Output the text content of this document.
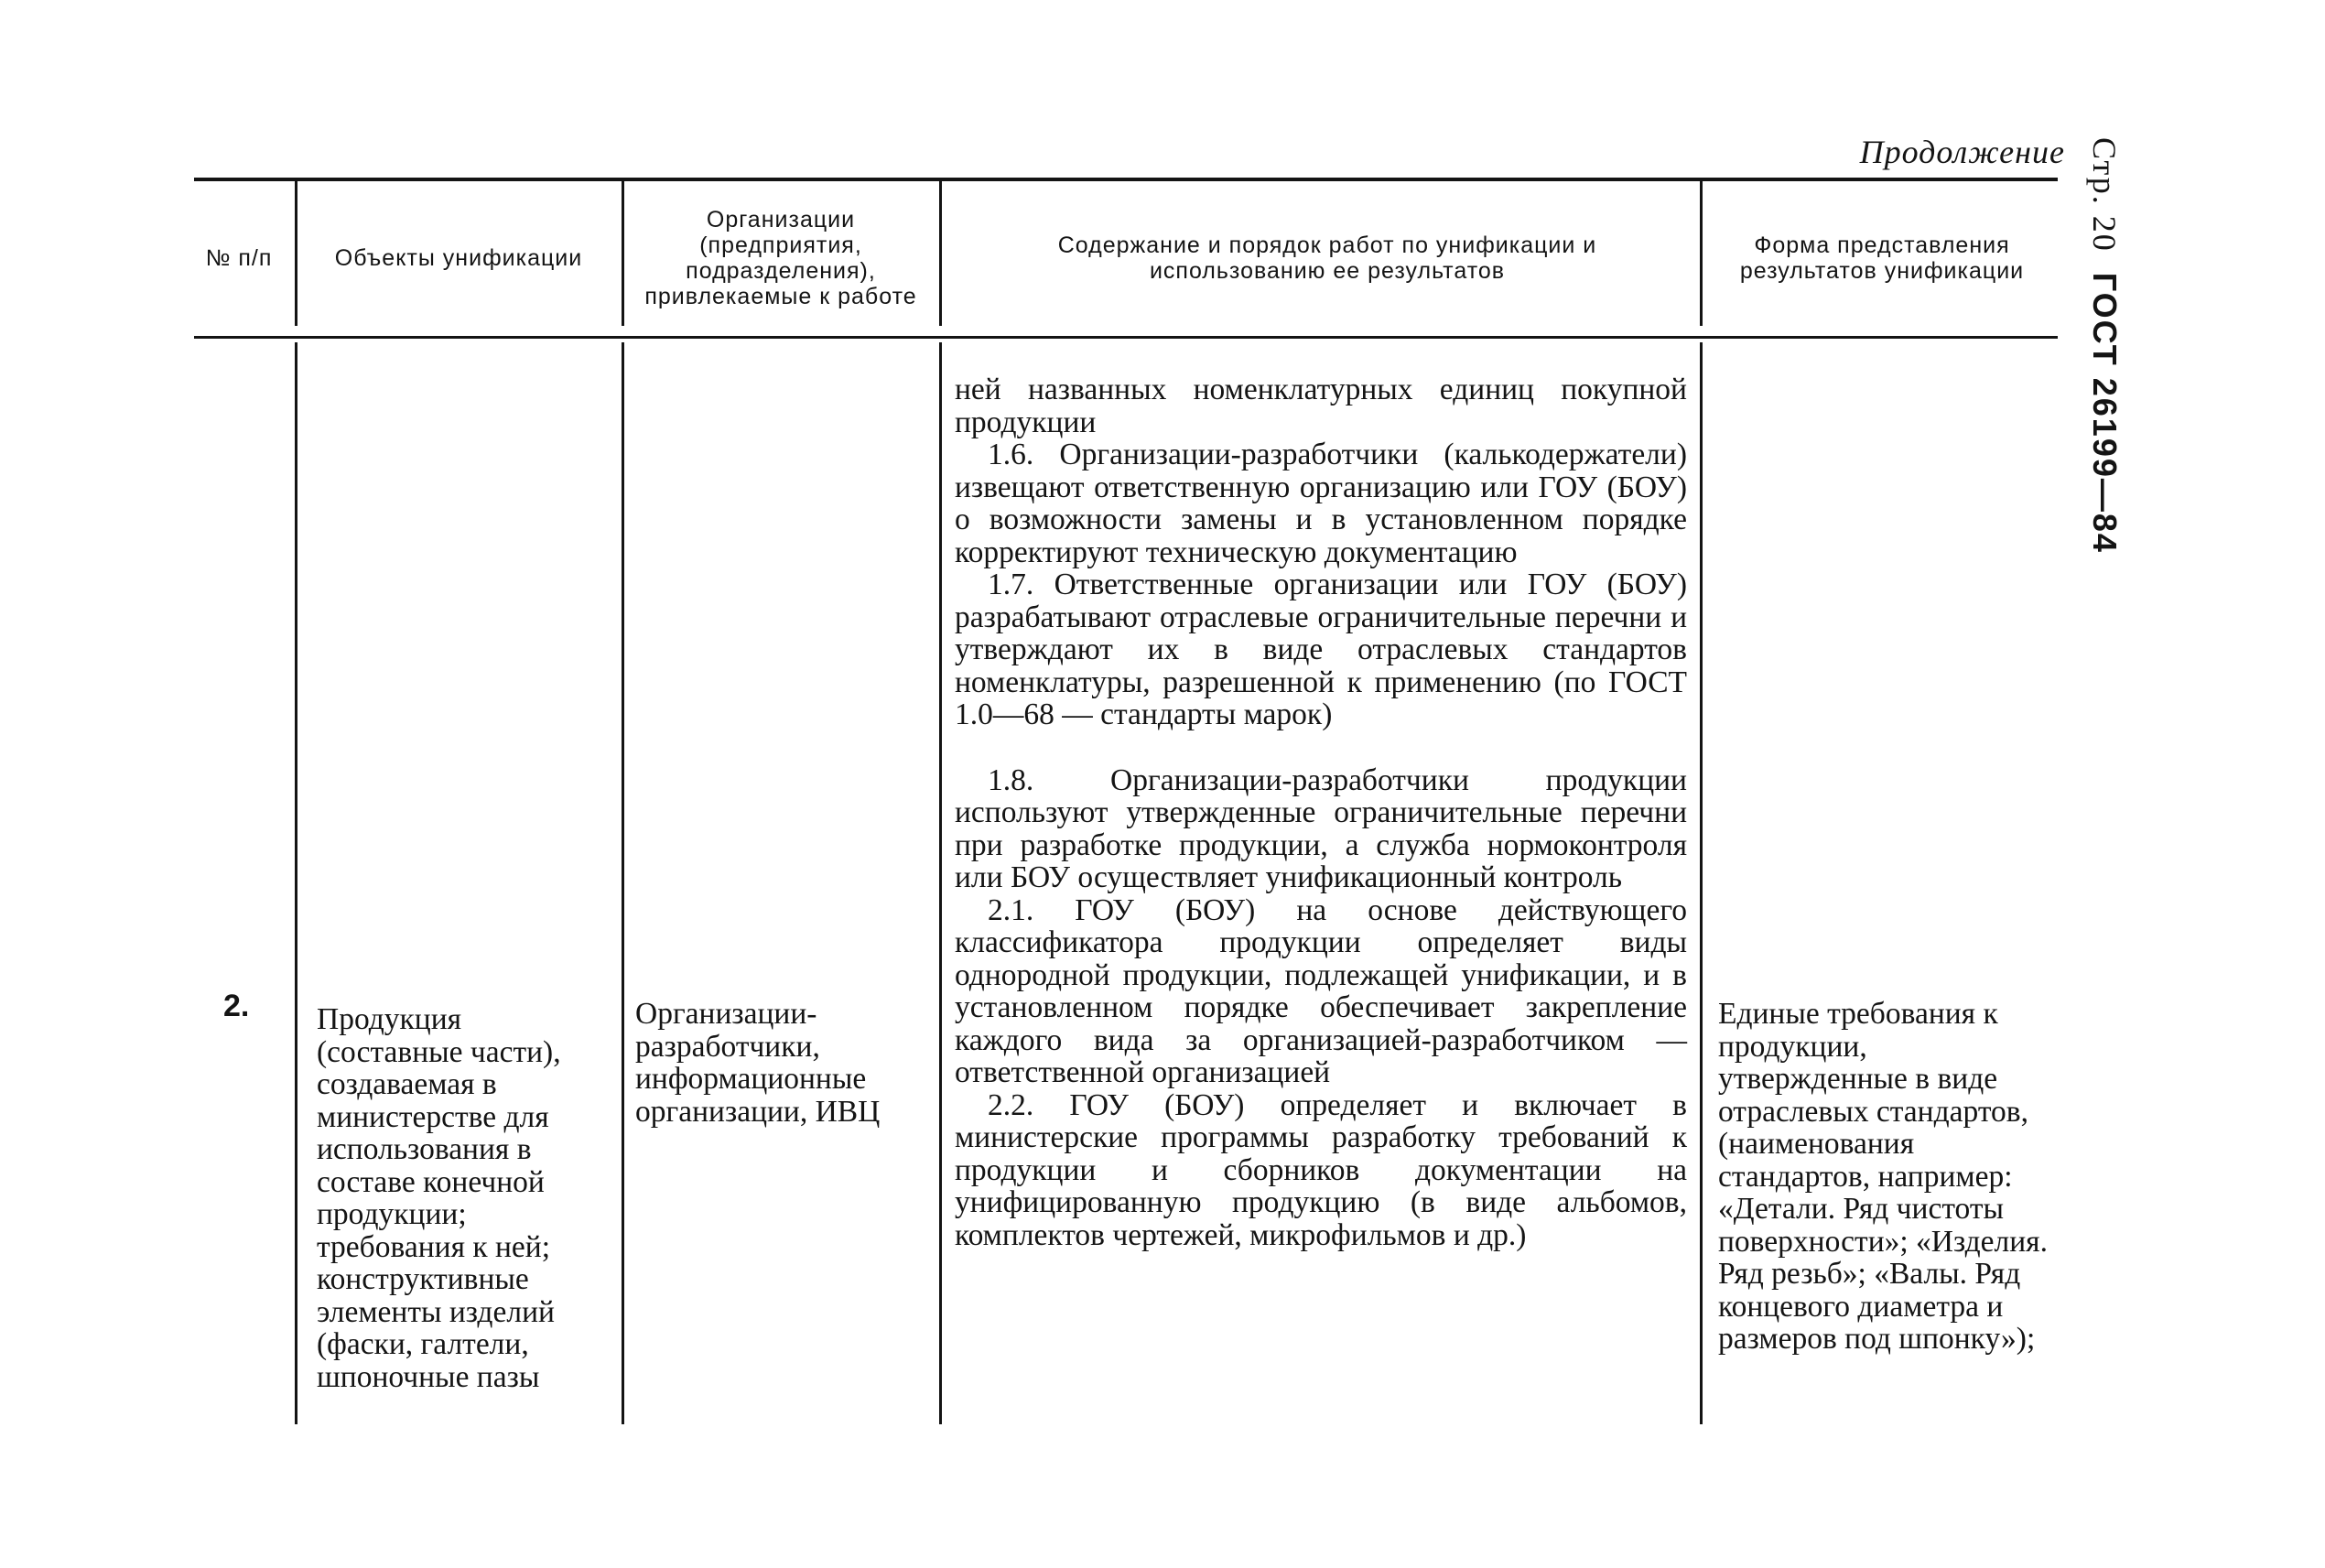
Продолжение Стр. 20  ГОСТ 26199—84
№ п/п	Объекты унификации
Организации (предприятия, подразделения), привлекаемые к работе
Содержание и порядок работ по унификации и использованию ее результатов
Форма представления результатов унификации
2. Продукция (составные части), создаваемая в министерстве для использования в составе конечной продукции; требования к ней; конструктивные элементы изделий (фаски, галтели, шпоночные пазы
Организации-разработчики, информационные организации, ИВЦ

ней названных номенклатурных единиц покупной продукции

1.6. Организации-разработчики (калькодержатели) извещают ответственную организацию или ГОУ (БОУ) о возможности замены и в установленном порядке корректируют техническую документацию

1.7. Ответственные организации или ГОУ (БОУ) разрабатывают отраслевые ограничительные перечни и утверждают их в виде отраслевых стандартов номенклатуры, разрешенной к применению (по ГОСТ 1.0—68 — стандарты марок)

1.8. Организации-разработчики продукции используют утвержденные ограничительные перечни при разработке продукции, а служба нормоконтроля или БОУ осуществляет унификационный контроль

2.1. ГОУ (БОУ) на основе действующего классификатора продукции определяет виды однородной продукции, подлежащей унификации, и в установленном порядке обеспечивает закрепление каждого вида за организацией-разработчиком — ответственной организацией

2.2. ГОУ (БОУ) определяет и включает в министерские программы разработку требований к продукции и сборников документации на унифицированную продукцию (в виде альбомов, комплектов чертежей, микрофильмов и др.)

Единые требования к продукции, утвержденные в виде отраслевых стандартов, (наименования стандартов, например: «Детали. Ряд чистоты поверхности»; «Изделия. Ряд резьб»; «Валы. Ряд концевого диаметра и размеров под шпонку»);
